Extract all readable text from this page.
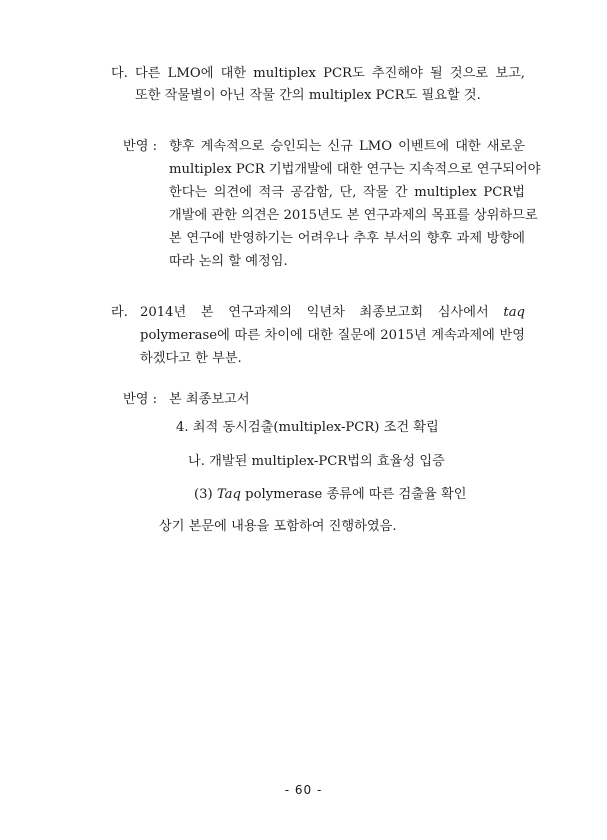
다. 다른 LMO에 대한 multiplex PCR도 추진해야 될 것으로 보고,
또한 작물별이 아닌 작물 간의 multiplex PCR도 필요할 것.
반영 : 향후 계속적으로 승인되는 신규 LMO 이벤트에 대한 새로운
multiplex PCR 기법개발에 대한 연구는 지속적으로 연구되어야
한다는 의견에 적극 공감함, 단, 작물 간 multiplex PCR법
개발에 관한 의견은 2015년도 본 연구과제의 목표를 상위하므로
본 연구에 반영하기는 어려우나 추후 부서의 향후 과제 방향에
따라 논의 할 예정임.
라. 2014년 본 연구과제의 익년차 최종보고회 심사에서 taq
polymerase에 따른 차이에 대한 질문에 2015년 계속과제에 반영
하겠다고 한 부분.
반영 : 본 최종보고서
4. 최적 동시검출(multiplex-PCR) 조건 확립
나. 개발된 multiplex-PCR법의 효율성 입증
(3) Taq polymerase 종류에 따른 검출율 확인
상기 본문에 내용을 포함하여 진행하였음.
- 60 -
